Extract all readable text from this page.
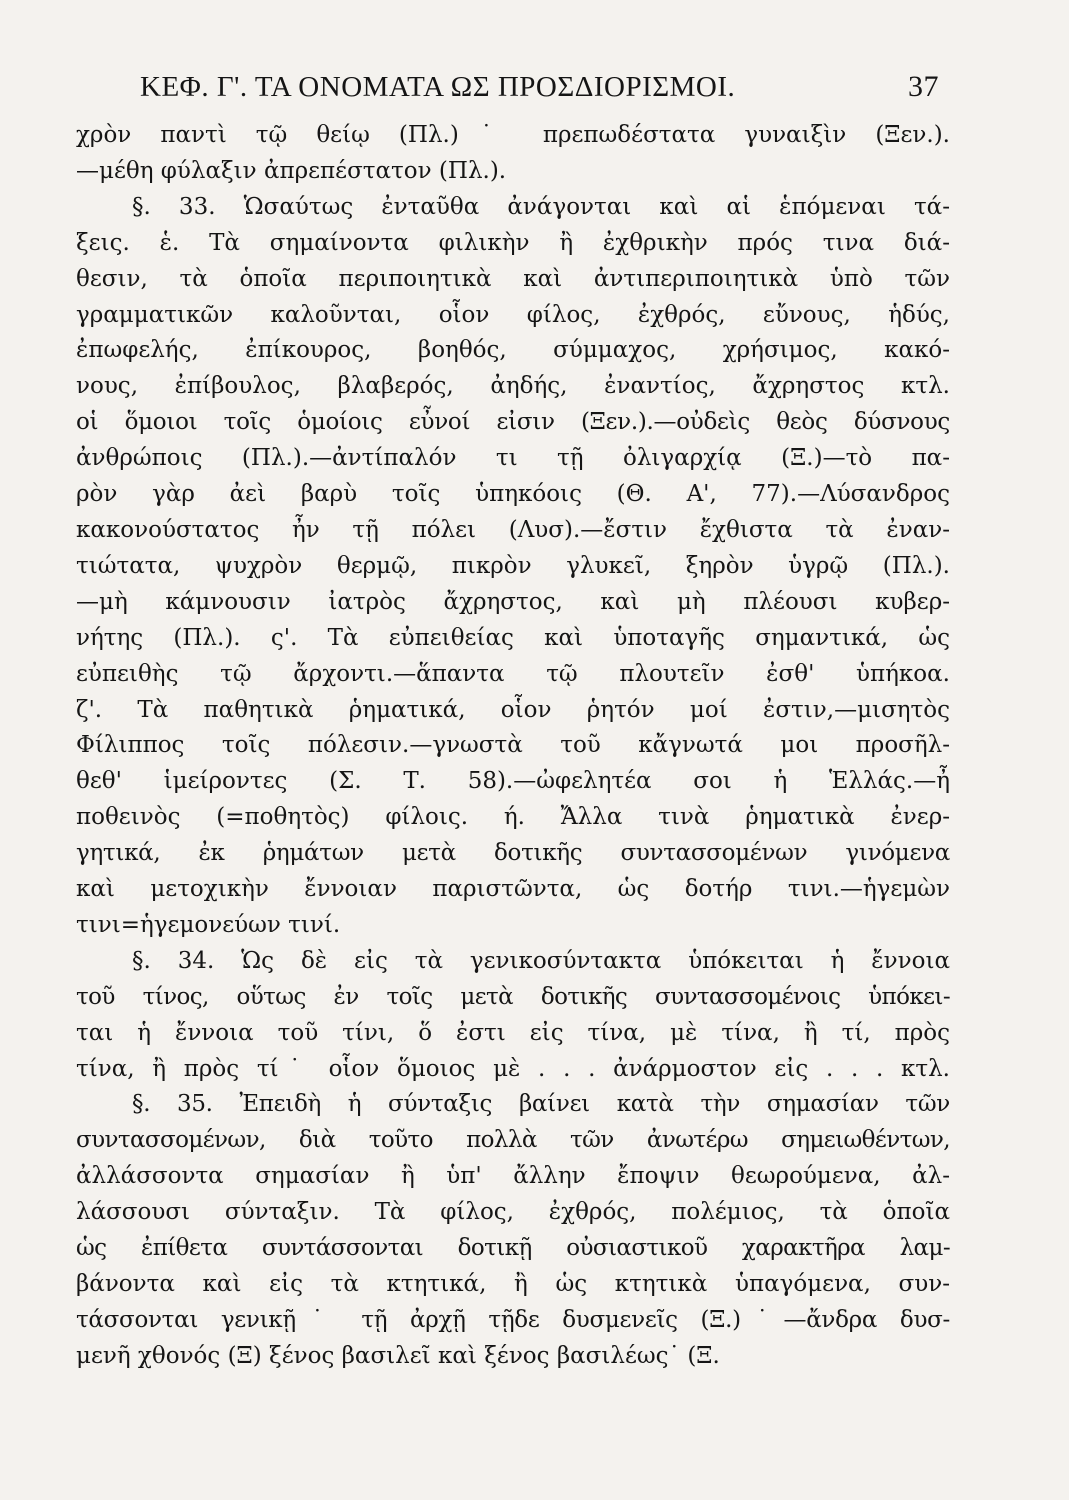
ΚΕΦ. Γ'. ΤΑ ΟΝΟΜΑΤΑ ΩΣ ΠΡΟΣΔΙΟΡΙΣΜΟΙ.	37
χρὸν παντὶ τῷ θείῳ (Πλ.)˙ πρεπωδέστατα γυναιξὶν (Ξεν.).
—μέθη φύλαξιν ἀπρεπέστατον (Πλ.).
§. 33. Ὡσαύτως ἐνταῦθα ἀνάγονται καὶ αἱ ἑπόμεναι τά-
ξεις. ἑ. Τὰ σημαίνοντα φιλικὴν ἢ ἐχθρικὴν πρός τινα διά-
θεσιν, τὰ ὁποῖα περιποιητικὰ καὶ ἀντιπεριποιητικὰ ὑπὸ τῶν
γραμματικῶν καλοῦνται, οἷον φίλος, ἐχθρός, εὔνους, ἡδύς,
ἐπωφελής, ἐπίκουρος, βοηθός, σύμμαχος, χρήσιμος, κακό-
νους, ἐπίβουλος, βλαβερός, ἀηδής, ἐναντίος, ἄχρηστος κτλ.
οἱ ὅμοιοι τοῖς ὁμοίοις εὖνοί εἰσιν (Ξεν.).—οὐδεὶς θεὸς δύσνους
ἀνθρώποις (Πλ.).—ἀντίπαλόν τι τῇ ὀλιγαρχίᾳ (Ξ.)—τὸ πα-
ρὸν γὰρ ἀεὶ βαρὺ τοῖς ὑπηκόοις (Θ. Α', 77).—Λύσανδρος
κακονούστατος ἦν τῇ πόλει (Λυσ).—ἔστιν ἔχθιστα τὰ ἐναν-
τιώτατα, ψυχρὸν θερμῷ, πικρὸν γλυκεῖ, ξηρὸν ὑγρῷ (Πλ.).
—μὴ κάμνουσιν ἰατρὸς ἄχρηστος, καὶ μὴ πλέουσι κυβερ-
νήτης (Πλ.). ς'. Τὰ εὐπειθείας καὶ ὑποταγῆς σημαντικά, ὡς
εὐπειθὴς τῷ ἄρχοντι.—ἅπαντα τῷ πλουτεῖν ἐσθ' ὑπήκοα.
ζ'. Τὰ παθητικὰ ῥηματικά, οἷον ῥητόν μοί ἐστιν,—μισητὸς
Φίλιππος τοῖς πόλεσιν.—γνωστὰ τοῦ κἄγνωτά μοι προσῆλ-
θεθ' ἱμείροντες (Σ. Τ. 58).—ὠφελητέα σοι ἡ Ἑλλάς.—ἦ
ποθεινὸς (=ποθητὸς) φίλοις. ή. Ἄλλα τινὰ ῥηματικὰ ἐνερ-
γητικά, ἐκ ῥημάτων μετὰ δοτικῆς συντασσομένων γινόμενα
καὶ μετοχικὴν ἔννοιαν παριστῶντα, ὡς δοτήρ τινι.—ἡγεμὼν
τινι=ἡγεμονεύων τινί.
§. 34. Ὡς δὲ εἰς τὰ γενικοσύντακτα ὑπόκειται ἡ ἔννοια
τοῦ τίνος, οὕτως ἐν τοῖς μετὰ δοτικῆς συντασσομένοις ὑπόκει-
ται ἡ ἔννοια τοῦ τίνι, ὅ ἐστι εἰς τίνα, μὲ τίνα, ἢ τί, πρὸς
τίνα, ἢ πρὸς τί˙ οἷον ὅμοιος μὲ . . . ἀνάρμοστον εἰς . . . κτλ.
§. 35. Ἐπειδὴ ἡ σύνταξις βαίνει κατὰ τὴν σημασίαν τῶν
συντασσομένων, διὰ τοῦτο πολλὰ τῶν ἀνωτέρω σημειωθέντων,
ἀλλάσσοντα σημασίαν ἢ ὑπ' ἄλλην ἔποψιν θεωρούμενα, ἀλ-
λάσσουσι σύνταξιν. Τὰ φίλος, ἐχθρός, πολέμιος, τὰ ὁποῖα
ὡς ἐπίθετα συντάσσονται δοτικῇ οὐσιαστικοῦ χαρακτῆρα λαμ-
βάνοντα καὶ εἰς τὰ κτητικά, ἢ ὡς κτητικὰ ὑπαγόμενα, συν-
τάσσονται γενικῇ˙ τῇ ἀρχῇ τῇδε δυσμενεῖς (Ξ.)˙—ἄνδρα δυσ-
μενῆ χθονός (Ξ) ξένος βασιλεῖ καὶ ξένος βασιλέως˙ (Ξ.
